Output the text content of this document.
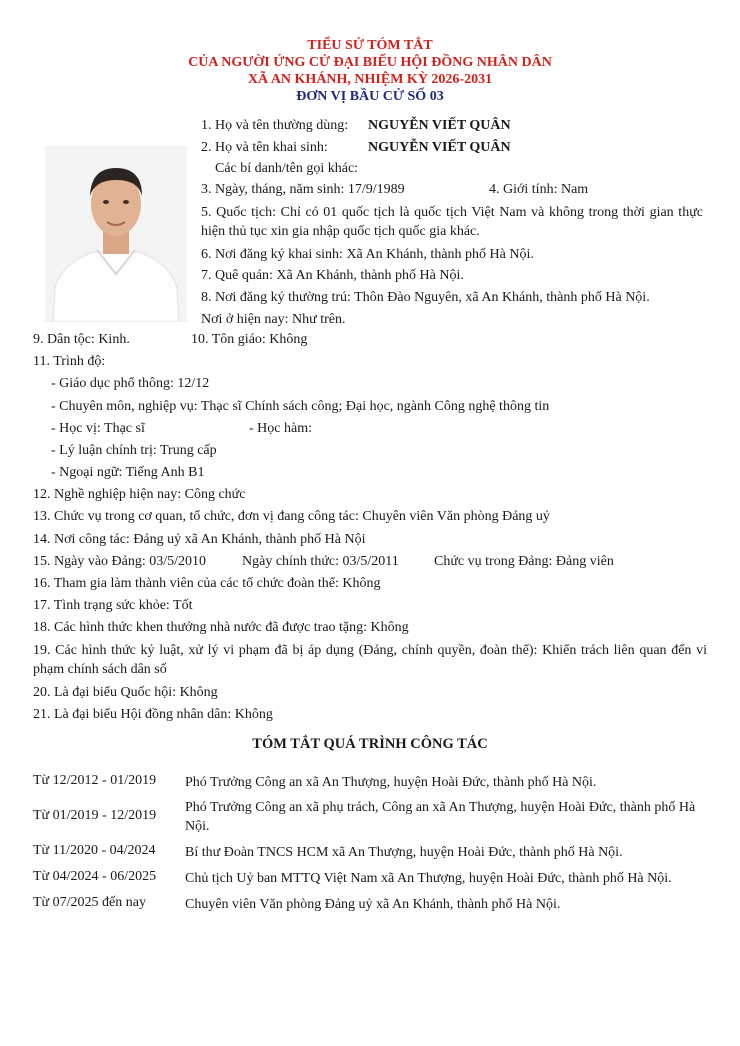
TIỂU SỬ TÓM TẮT
CỦA NGƯỜI ỨNG CỬ ĐẠI BIỂU HỘI ĐỒNG NHÂN DÂN
XÃ AN KHÁNH, NHIỆM KỲ 2026-2031
ĐƠN VỊ BẦU CỬ SỐ 03
1. Họ và tên thường dùng: NGUYỄN VIẾT QUÂN
2. Họ và tên khai sinh:	NGUYỄN VIẾT QUÂN
Các bí danh/tên gọi khác:
3. Ngày, tháng, năm sinh: 17/9/1989	4. Giới tính: Nam
5. Quốc tịch: Chỉ có 01 quốc tịch là quốc tịch Việt Nam và không trong thời gian thực hiện thủ tục xin gia nhập quốc tịch quốc gia khác.
6. Nơi đăng ký khai sinh: Xã An Khánh, thành phố Hà Nội.
7. Quê quán: Xã An Khánh, thành phố Hà Nội.
8. Nơi đăng ký thường trú: Thôn Đào Nguyên, xã An Khánh, thành phố Hà Nội.
Nơi ở hiện nay: Như trên.
9. Dân tộc: Kinh.	10. Tôn giáo: Không
11. Trình độ:
- Giáo dục phổ thông: 12/12
- Chuyên môn, nghiệp vụ: Thạc sĩ Chính sách công; Đại học, ngành Công nghệ thông tin
- Học vị: Thạc sĩ	- Học hàm:
- Lý luận chính trị: Trung cấp
- Ngoại ngữ: Tiếng Anh B1
12. Nghề nghiệp hiện nay: Công chức
13. Chức vụ trong cơ quan, tổ chức, đơn vị đang công tác: Chuyên viên Văn phòng Đảng uỷ
14. Nơi công tác: Đảng uỷ xã An Khánh, thành phố Hà Nội
15. Ngày vào Đảng: 03/5/2010	Ngày chính thức: 03/5/2011	Chức vụ trong Đảng: Đảng viên
16. Tham gia làm thành viên của các tổ chức đoàn thể: Không
17. Tình trạng sức khỏe: Tốt
18. Các hình thức khen thưởng nhà nước đã được trao tặng: Không
19. Các hình thức kỷ luật, xử lý vi phạm đã bị áp dụng (Đảng, chính quyền, đoàn thể): Khiển trách liên quan đến vi phạm chính sách dân số
20. Là đại biểu Quốc hội: Không
21. Là đại biểu Hội đồng nhân dân: Không
TÓM TẮT QUÁ TRÌNH CÔNG TÁC
Từ 12/2012 - 01/2019 Phó Trưởng Công an xã An Thượng, huyện Hoài Đức, thành phố Hà Nội.
Từ 01/2019 - 12/2019
Phó Trưởng Công an xã phụ trách, Công an xã An Thượng, huyện Hoài Đức, thành phố Hà Nội.
Từ 11/2020 - 04/2024 Bí thư Đoàn TNCS HCM xã An Thượng, huyện Hoài Đức, thành phố Hà Nội.
Từ 04/2024 - 06/2025 Chủ tịch Uỷ ban MTTQ Việt Nam xã An Thượng, huyện Hoài Đức, thành phố Hà Nội.
Từ 07/2025 đến nay	Chuyên viên Văn phòng Đảng uỷ xã An Khánh, thành phố Hà Nội.
